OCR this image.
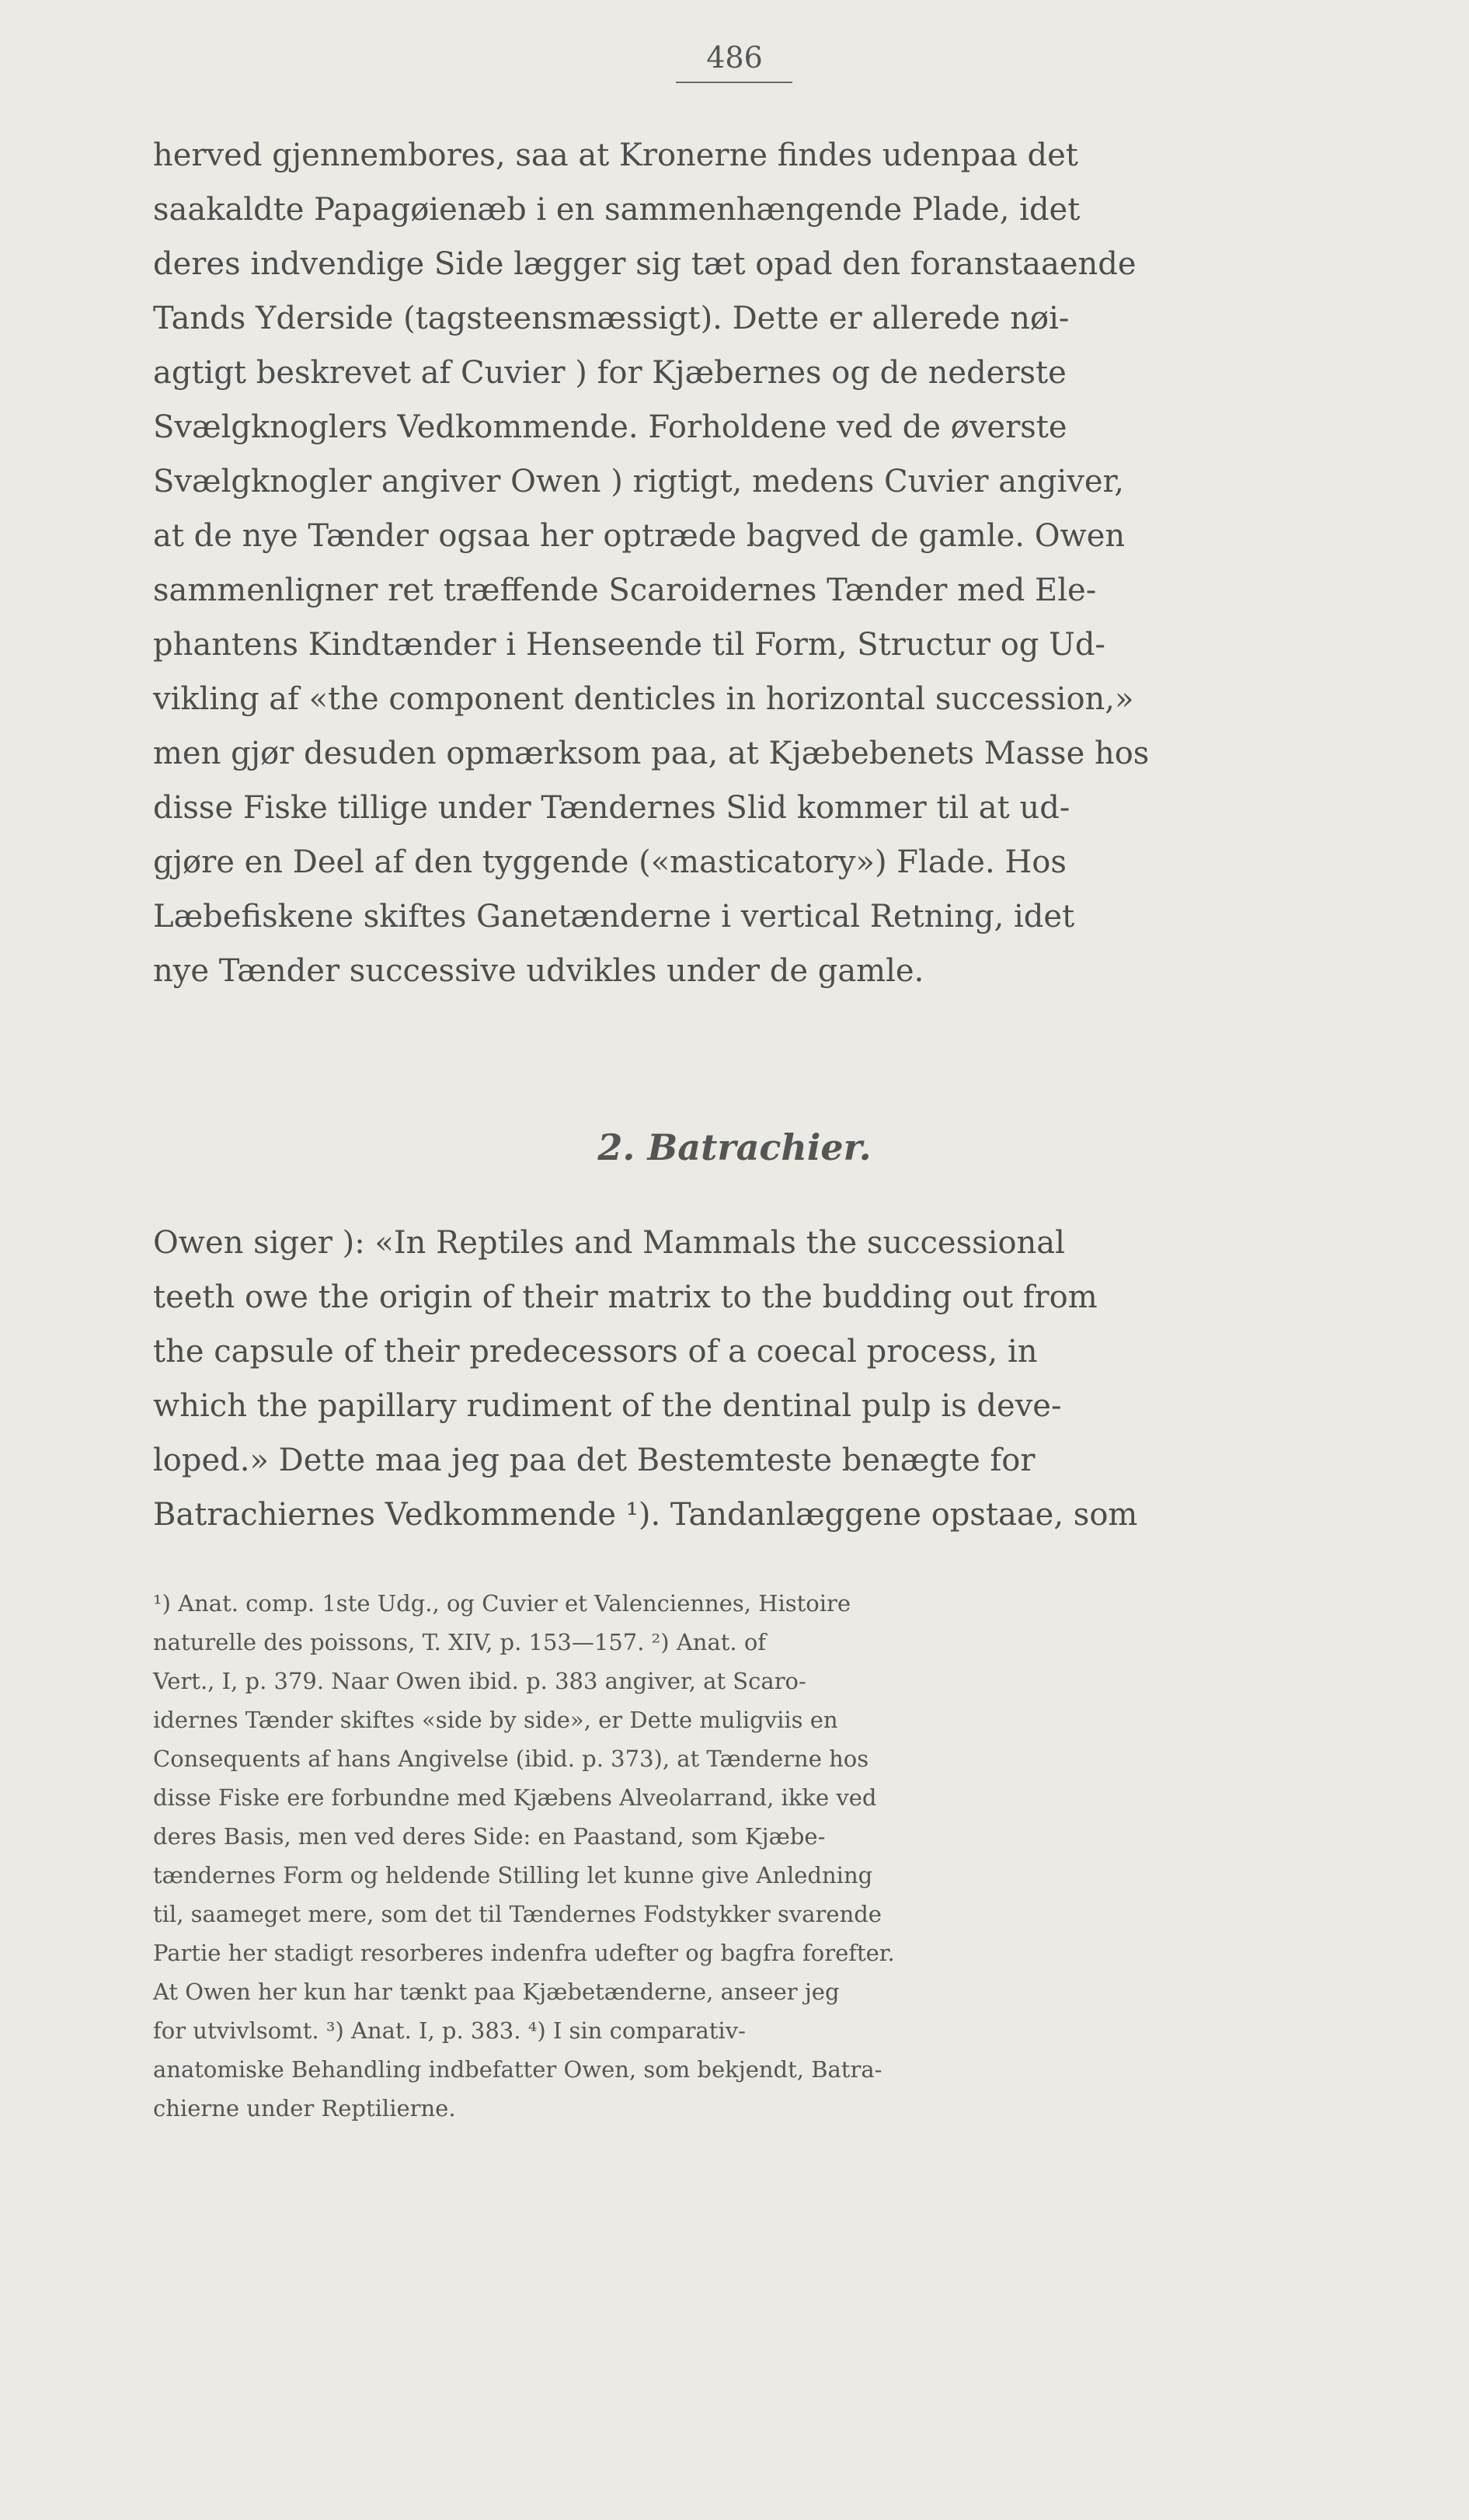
486

herved gjennembores, saa at Kronerne findes udenpaa det

saakaldte Papagøienæb i en sammenhængende Plade, idet

deres indvendige Side lægger sig tæt opad den foranstaaende

Tands Yderside (tagsteensmæssigt). Dette er allerede nøi-

agtigt beskrevet af Cuvier ) for Kjæbernes og de nederste

Svælgknoglers Vedkommende. Forholdene ved de øverste

Svælgknogler angiver Owen ) rigtigt, medens Cuvier angiver,

at de nye Tænder ogsaa her optræde bagved de gamle. Owen

sammenligner ret træffende Scaroidernes Tænder med Ele-

phantens Kindtænder i Henseende til Form, Structur og Ud-

vikling af «the component denticles in horizontal succession,»

men gjør desuden opmærksom paa, at Kjæbebenets Masse hos

disse Fiske tillige under Tændernes Slid kommer til at ud-

gjøre en Deel af den tyggende («masticatory») Flade. Hos

Læbefiskene skiftes Ganetænderne i vertical Retning, idet

nye Tænder successive udvikles under de gamle.

2. Batrachier.

Owen siger ): «In Reptiles and Mammals the successional

teeth owe the origin of their matrix to the budding out from

the capsule of their predecessors of a coecal process, in

which the papillary rudiment of the dentinal pulp is deve-

loped.» Dette maa jeg paa det Bestemteste benægte for

Batrachiernes Vedkommende ¹). Tandanlæggene opstaae, som

¹) Anat. comp. 1ste Udg., og Cuvier et Valenciennes, Histoire

naturelle des poissons, T. XIV, p. 153—157. ²) Anat. of

Vert., I, p. 379. Naar Owen ibid. p. 383 angiver, at Scaro-

idernes Tænder skiftes «side by side», er Dette muligviis en

Consequents af hans Angivelse (ibid. p. 373), at Tænderne hos

disse Fiske ere forbundne med Kjæbens Alveolarrand, ikke ved

deres Basis, men ved deres Side: en Paastand, som Kjæbe-

tændernes Form og heldende Stilling let kunne give Anledning

til, saameget mere, som det til Tændernes Fodstykker svarende

Partie her stadigt resorberes indenfra udefter og bagfra forefter.

At Owen her kun har tænkt paa Kjæbetænderne, anseer jeg

for utvivlsomt. ³) Anat. I, p. 383. ⁴) I sin comparativ-

anatomiske Behandling indbefatter Owen, som bekjendt, Batra-

chierne under Reptilierne.
